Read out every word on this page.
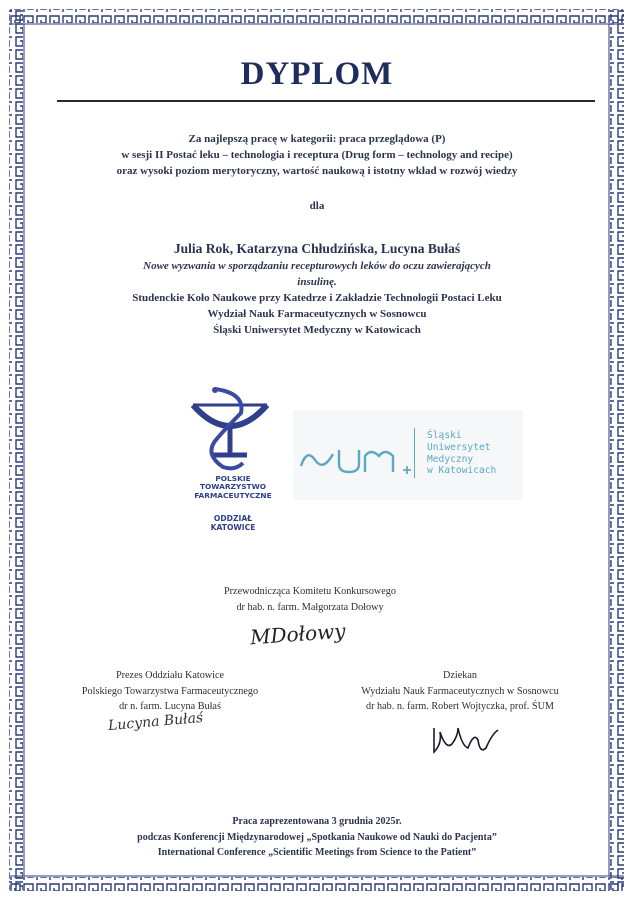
DYPLOM
Za najlepszą pracę w kategorii: praca przeglądowa (P)
w sesji II Postać leku – technologia i receptura (Drug form – technology and recipe)
oraz wysoki poziom merytoryczny, wartość naukową i istotny wkład w rozwój wiedzy
dla
Julia Rok, Katarzyna Chłudzińska, Lucyna Bułaś
Nowe wyzwania w sporządzaniu recepturowych leków do oczu zawierających
insulinę.
Studenckie Koło Naukowe przy Katedrze i Zakładzie Technologii Postaci Leku
Wydział Nauk Farmaceutycznych w Sosnowcu
Śląski Uniwersytet Medyczny w Katowicach
POLSKIE
TOWARZYSTWO
FARMACEUTYCZNE
ODDZIAŁ KATOWICE
Śląski
Uniwersytet
Medyczny
w Katowicach
Przewodnicząca Komitetu Konkursowego
dr hab. n. farm. Małgorzata Dołowy
MDołowy
Prezes Oddziału Katowice
Polskiego Towarzystwa Farmaceutycznego
dr n. farm. Lucyna Bułaś
Lucyna Bułaś
Dziekan
Wydziału Nauk Farmaceutycznych w Sosnowcu
dr hab. n. farm. Robert Wojtyczka, prof. ŚUM
Praca zaprezentowana 3 grudnia 2025r.
podczas Konferencji Międzynarodowej „Spotkania Naukowe od Nauki do Pacjenta”
International Conference „Scientific Meetings from Science to the Patient”
